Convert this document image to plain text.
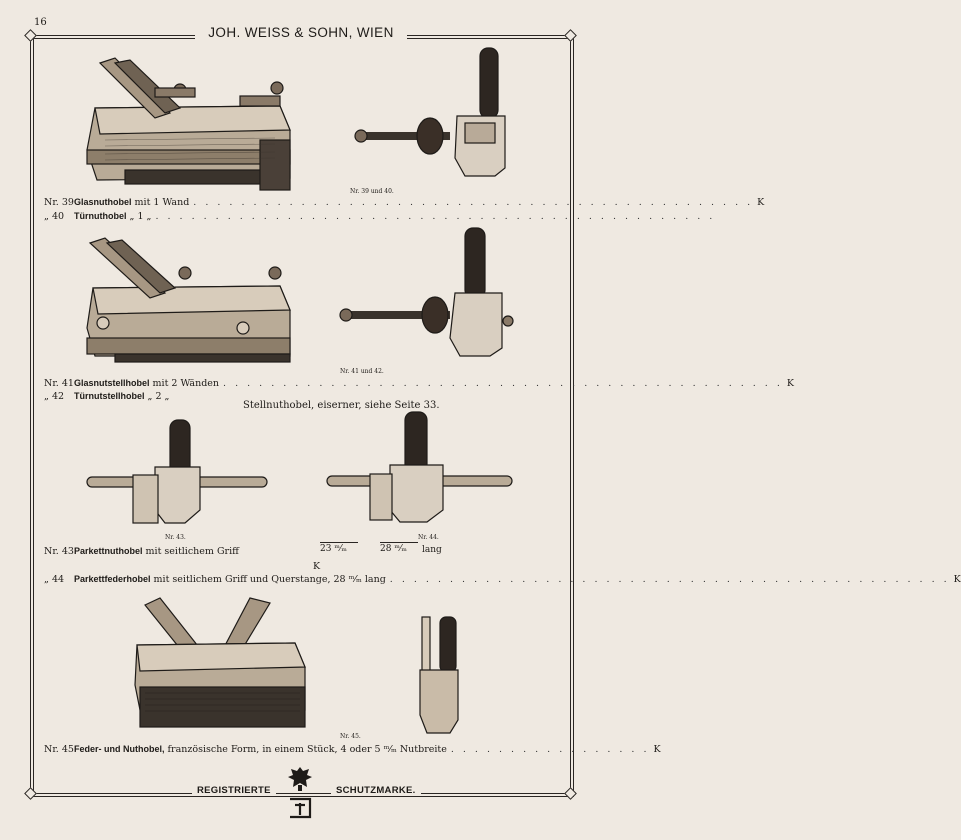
16
JOH. WEISS & SOHN, WIEN
Nr. 39 und 40.
Nr. 39 Glasnuthobel mit 1 Wand . . . . . . . . . . . . . . . . . . . . . . . . . . . . . . . . . . . . . . . . . . . . . . . K
„ 40	Türnuthobel „ 1 „ . . . . . . . . . . . . . . . . . . . . . . . . . . . . . . . . . . . . . . . . . . . . . . .
Nr. 41 und 42.
Nr. 41 Glasnutstellhobel mit 2 Wänden . . . . . . . . . . . . . . . . . . . . . . . . . . . . . . . . . . . . . . . . . . . . . . . K
„ 42	Türnutstellhobel „ 2 „
Stellnuthobel, eiserner, siehe Seite 33.
Nr. 43.	Nr. 44.
Nr. 43 Parkettnuthobel mit seitlichem Griff	23 ᵐ⁄ₘ	28 ᵐ⁄ₘ	lang
K
„ 44	Parkettfederhobel mit seitlichem Griff und Querstange, 28 ᵐ⁄ₘ lang . . . . . . . . . . . . . . . . . . . . . . . . . . . . . . . . . . . . . . . . . . . . . . . K
Nr. 45.
Nr. 45 Feder- und Nuthobel, französische Form, in einem Stück, 4 oder 5 ᵐ⁄ₘ Nutbreite . . . . . . . . . . . . . . . . . K
REGISTRIERTE	SCHUTZMARKE.
